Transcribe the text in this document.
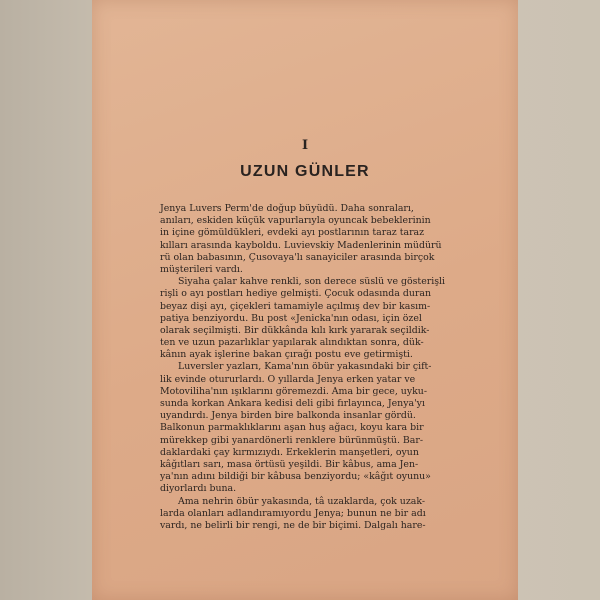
I
UZUN GÜNLER
Jenya Luvers Perm'de doğup büyüdü. Daha sonraları,
anıları, eskiden küçük vapurlarıyla oyuncak bebeklerinin
in içine gömüldükleri, evdeki ayı postlarının taraz taraz
kılları arasında kayboldu. Luvievskiy Madenlerinin müdürü
rü olan babasının, Çusovaya'lı sanayiciler arasında birçok
müşterileri vardı.
Siyaha çalar kahve renkli, son derece süslü ve gösterişli
rişli o ayı postları hediye gelmişti. Çocuk odasında duran
beyaz dişi ayı, çiçekleri tamamiyle açılmış dev bir kasım-
patiya benziyordu. Bu post «Jenicka'nın odası, için özel
olarak seçilmişti. Bir dükkânda kılı kırk yararak seçildik-
ten ve uzun pazarlıklar yapılarak alındıktan sonra, dük-
kânın ayak işlerine bakan çırağı postu eve getirmişti.
Luversler yazları, Kama'nın öbür yakasındaki bir çift-
lik evinde otururlardı. O yıllarda Jenya erken yatar ve
Motoviliha'nın ışıklarını göremezdi. Ama bir gece, uyku-
sunda korkan Ankara kedisi deli gibi fırlayınca, Jenya'yı
uyandırdı. Jenya birden bire balkonda insanlar gördü.
Balkonun parmaklıklarını aşan huş ağacı, koyu kara bir
mürekkep gibi yanardönerli renklere bürünmüştü. Bar-
daklardaki çay kırmızıydı. Erkeklerin manşetleri, oyun
kâğıtları sarı, masa örtüsü yeşildi. Bir kâbus, ama Jen-
ya'nın adını bildiği bir kâbusa benziyordu; «kâğıt oyunu»
diyorlardı buna.
Ama nehrin öbür yakasında, tâ uzaklarda, çok uzak-
larda olanları adlandıramıyordu Jenya; bunun ne bir adı
vardı, ne belirli bir rengi, ne de bir biçimi. Dalgalı hare-
